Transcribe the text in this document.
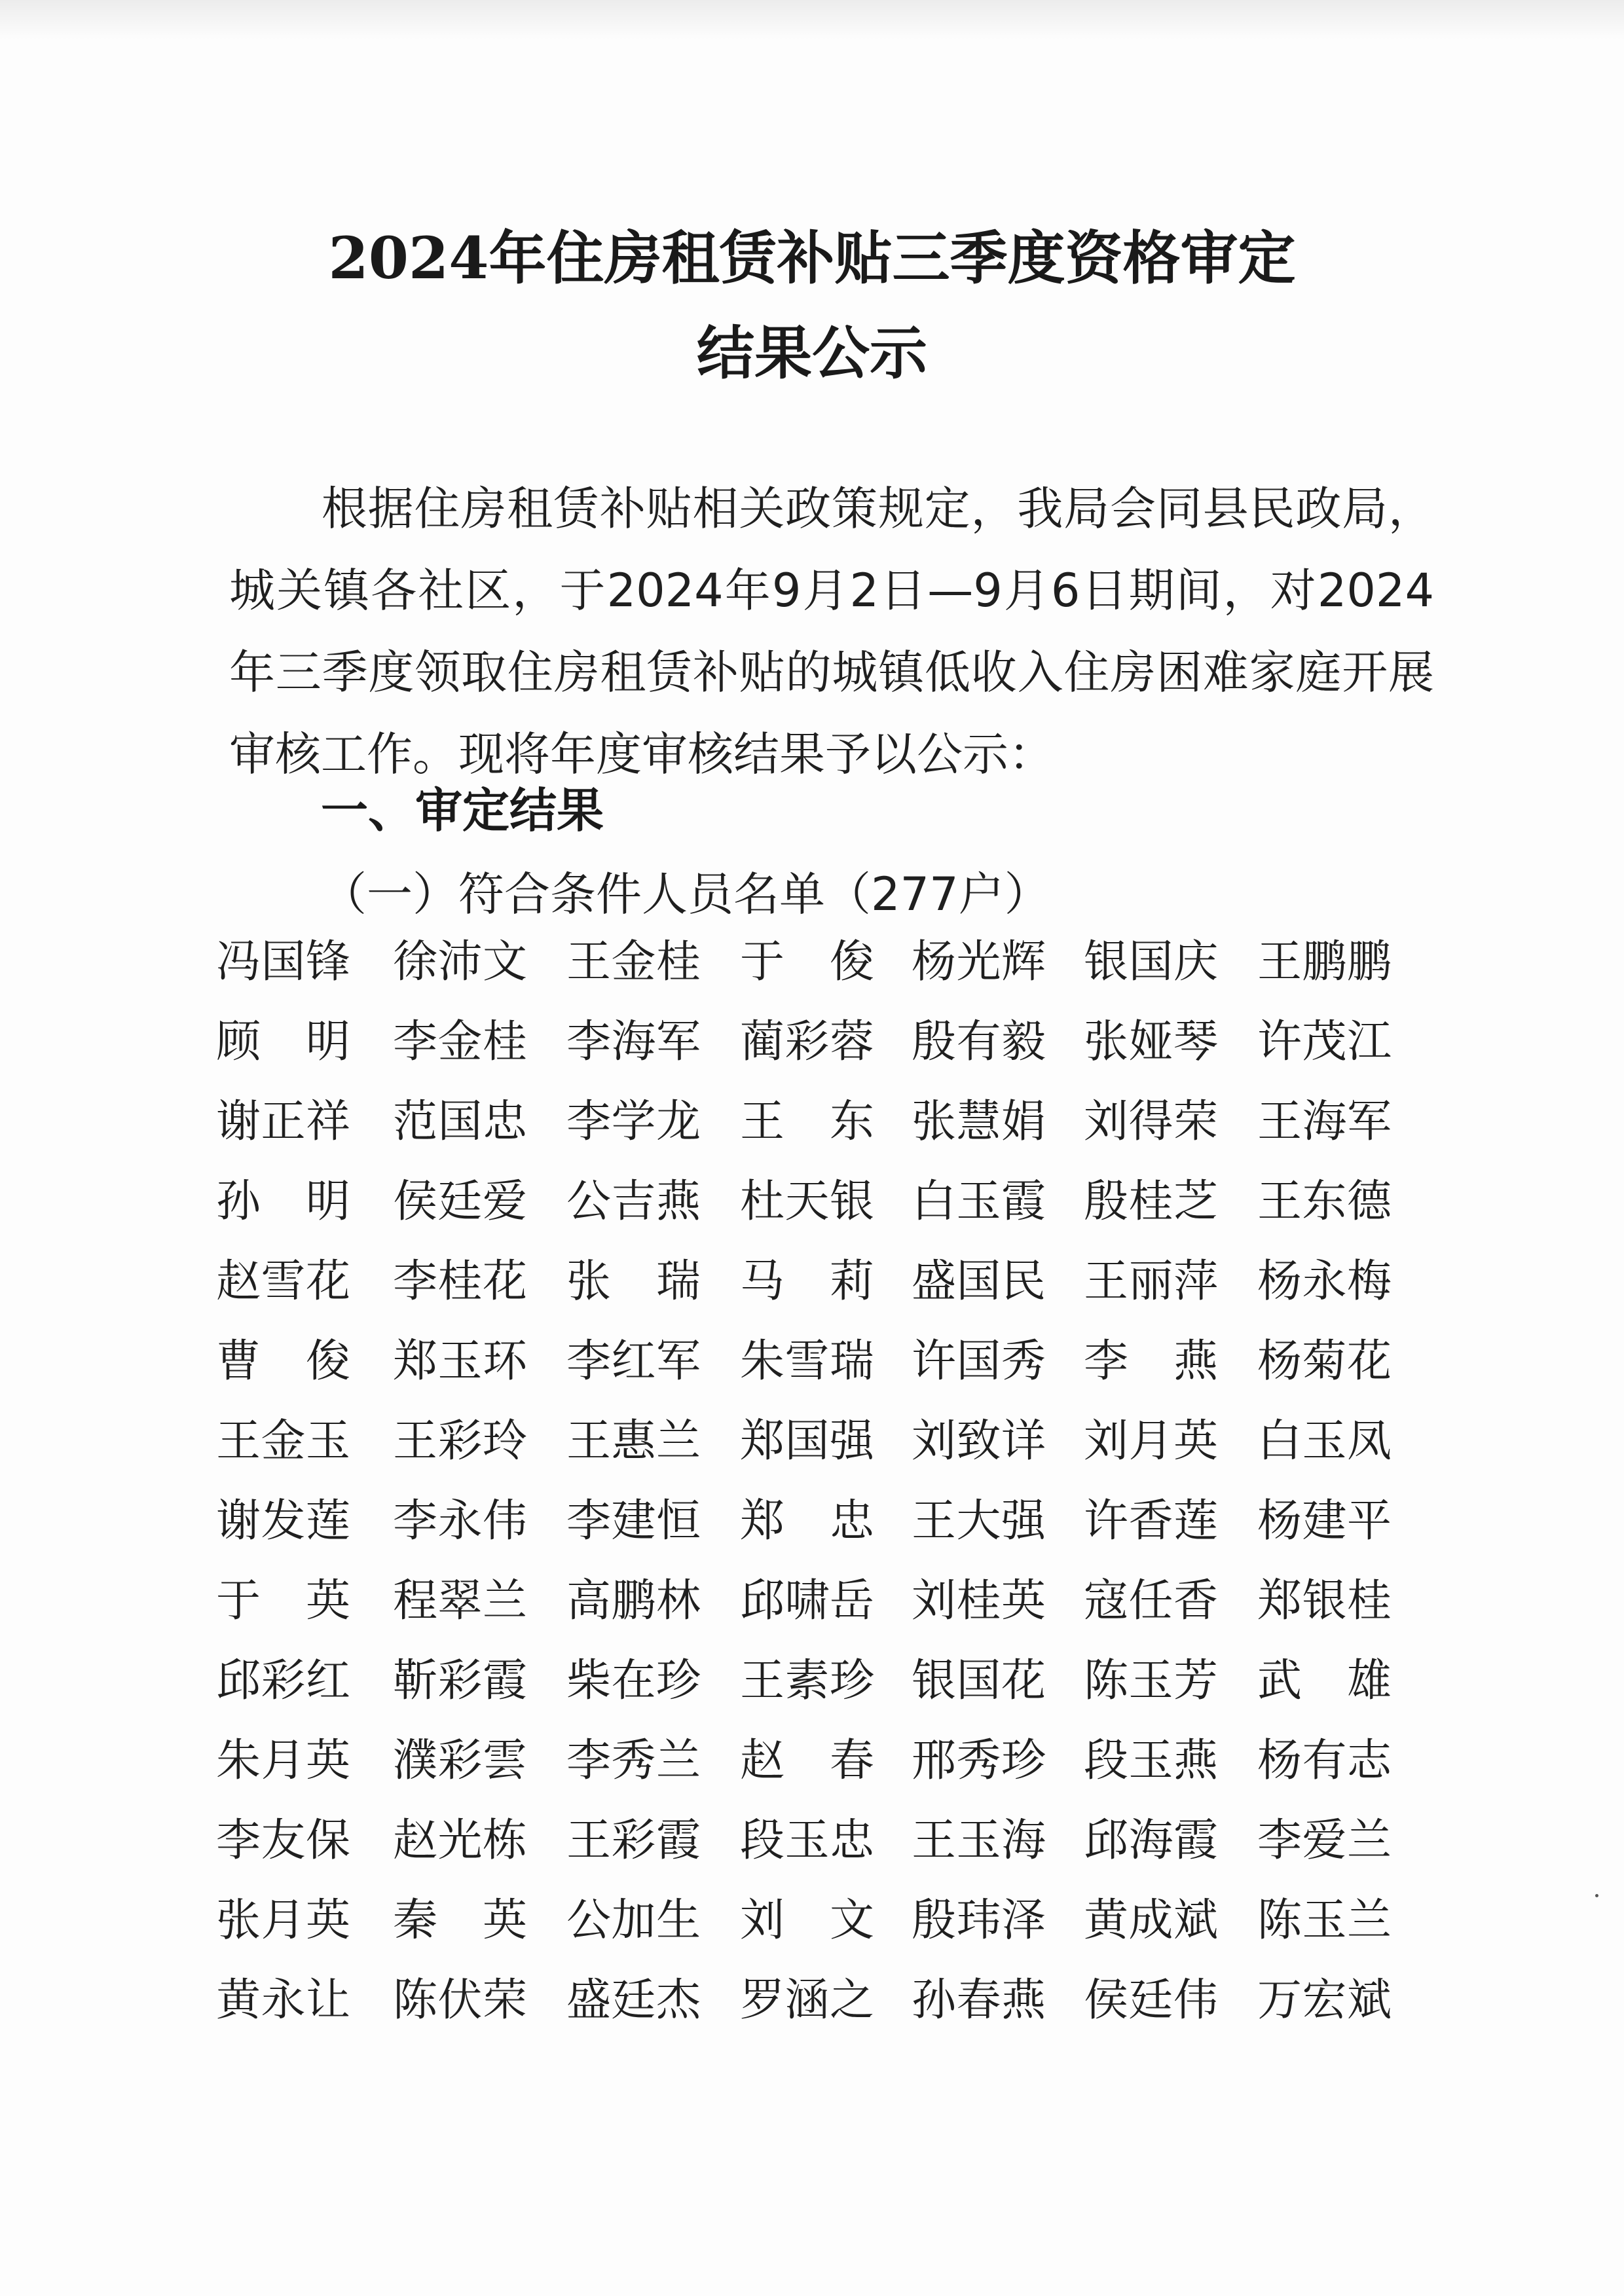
2024年住房租赁补贴三季度资格审定
结果公示
根据住房租赁补贴相关政策规定，我局会同县民政局，城关镇各社区，于2024年9月2日—9月6日期间，对2024年三季度领取住房租赁补贴的城镇低收入住房困难家庭开展审核工作。现将年度审核结果予以公示：
一、审定结果
（一）符合条件人员名单（277户）
冯国锋 徐沛文 王金桂 于俊 杨光辉 银国庆 王鹏鹏
顾明 李金桂 李海军 蔺彩蓉 殷有毅 张娅琴 许茂江
谢正祥 范国忠 李学龙 王东 张慧娟 刘得荣 王海军
孙明 侯廷爱 公吉燕 杜天银 白玉霞 殷桂芝 王东德
赵雪花 李桂花 张瑞 马莉 盛国民 王丽萍 杨永梅
曹俊 郑玉环 李红军 朱雪瑞 许国秀 李燕 杨菊花
王金玉 王彩玲 王惠兰 郑国强 刘致详 刘月英 白玉凤
谢发莲 李永伟 李建恒 郑忠 王大强 许香莲 杨建平
于英 程翠兰 高鹏林 邱啸岳 刘桂英 寇任香 郑银桂
邱彩红 靳彩霞 柴在珍 王素珍 银国花 陈玉芳 武雄
朱月英 濮彩雲 李秀兰 赵春 邢秀珍 段玉燕 杨有志
李友保 赵光栋 王彩霞 段玉忠 王玉海 邱海霞 李爱兰
张月英 秦英 公加生 刘文 殷玮泽 黄成斌 陈玉兰
黄永让 陈伏荣 盛廷杰 罗涵之 孙春燕 侯廷伟 万宏斌
